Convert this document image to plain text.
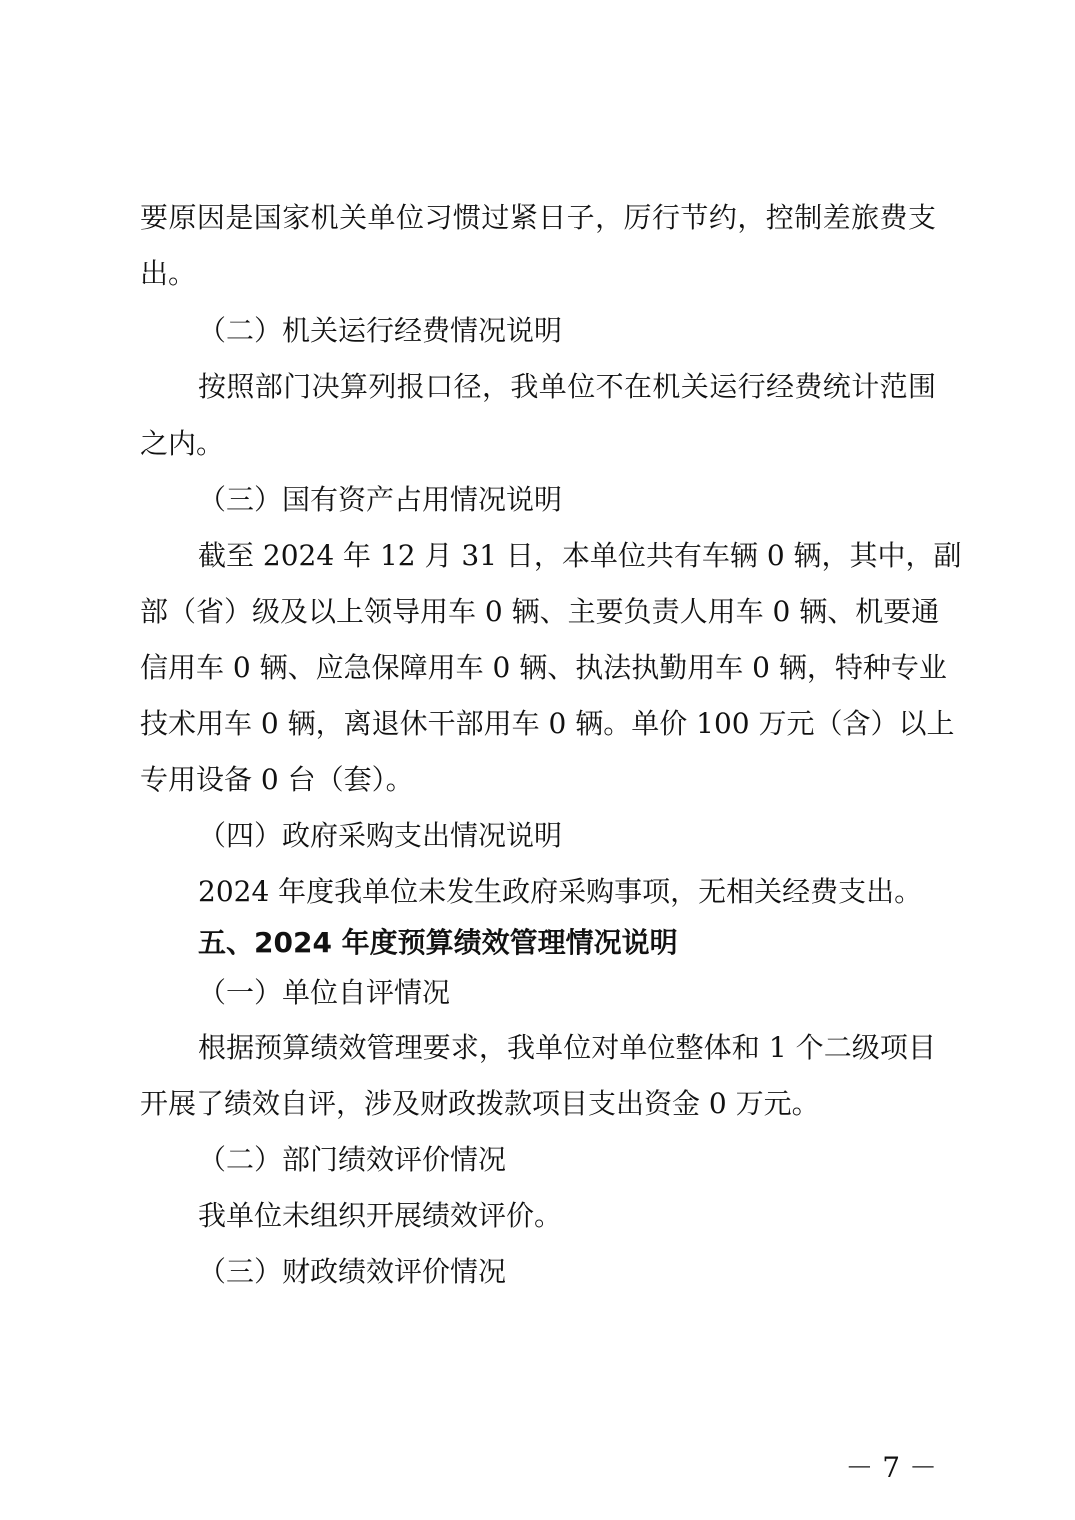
要原因是国家机关单位习惯过紧日子，厉行节约，控制差旅费支
出。
（二）机关运行经费情况说明
按照部门决算列报口径，我单位不在机关运行经费统计范围
之内。
（三）国有资产占用情况说明
截至 2024 年 12 月 31 日，本单位共有车辆 0 辆，其中，副
部（省）级及以上领导用车 0 辆、主要负责人用车 0 辆、机要通
信用车 0 辆、应急保障用车 0 辆、执法执勤用车 0 辆，特种专业
技术用车 0 辆，离退休干部用车 0 辆。单价 100 万元（含）以上
专用设备 0 台（套）。
（四）政府采购支出情况说明
2024 年度我单位未发生政府采购事项，无相关经费支出。
五、2024 年度预算绩效管理情况说明
（一）单位自评情况
根据预算绩效管理要求，我单位对单位整体和 1 个二级项目
开展了绩效自评，涉及财政拨款项目支出资金 0 万元。
（二）部门绩效评价情况
我单位未组织开展绩效评价。
（三）财政绩效评价情况
－ 7 －
